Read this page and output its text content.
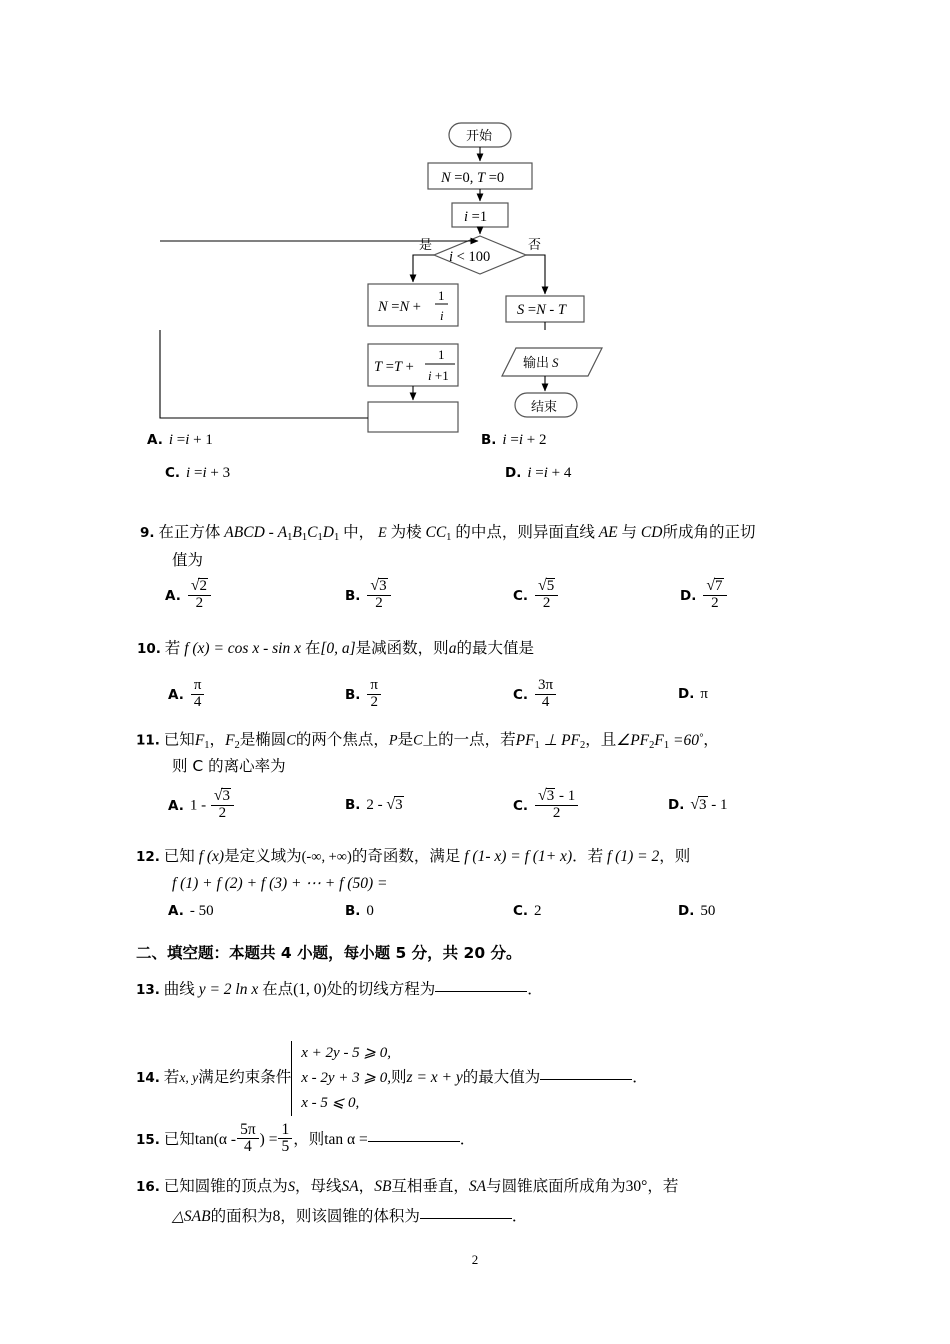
开始
是	否
N =0, T =0
i =1
i < 100
S =N - T
N =N +
1
i
T =T +
1
i +1
输出 S
结束
A. i =i + 1	B. i =i + 2
C. i =i + 3	D. i =i + 4
9. 在正方体 ABCD - A1B1C1D1 中， E 为棱 CC1 的中点，则异面直线 AE 与 CD所成角的正切
值为
A. $\frac{√2}{2}$	B. $\frac{√3}{2}$	C. $\frac{√5}{2}$	D. $\frac{√7}{2}$
10. 若 f (x) = cos x - sin x 在[0, a]是减函数，则a的最大值是
A. $\frac{\pi}{4}$	B. $\frac{\pi}{2}$	C. $\frac{3\pi}{4}$	D. π
11. 已知F1，F2是椭圆C的两个焦点，P是C上的一点，若PF1 ⊥ PF2，且∠PF2F1 =60°，
则 C 的离心率为
A. $1 - \frac{√3}{2}$	B. 2 - √3	C. $\frac{√3 - 1}{2}$	D. √3 - 1
12. 已知 f (x)是定义域为(-∞, +∞)的奇函数，满足 f (1- x) = f (1+ x)．若 f (1) = 2，则
f (1) + f (2) + f (3) + ⋯ + f (50) =
A. - 50	B. 0	C. 2	D. 50
二、填空题：本题共 4 小题，每小题 5 分，共 20 分。
13. 曲线 y = 2 ln x 在点(1, 0)处的切线方程为	．
14. 若x, y满足约束条件
x + 2y - 5 ⩾ 0,
x - 2y + 3 ⩾ 0,
x - 5 ⩽ 0,
则z = x + y的最大值为	．
15. 已知$\tan(\alpha - \frac{5\pi}{4}$ ) = $\frac{1}{5}$ ，则tan α =	．
16. 已知圆锥的顶点为S，母线SA，SB互相垂直，SA与圆锥底面所成角为30°，若
△SAB的面积为8，则该圆锥的体积为	．
2
